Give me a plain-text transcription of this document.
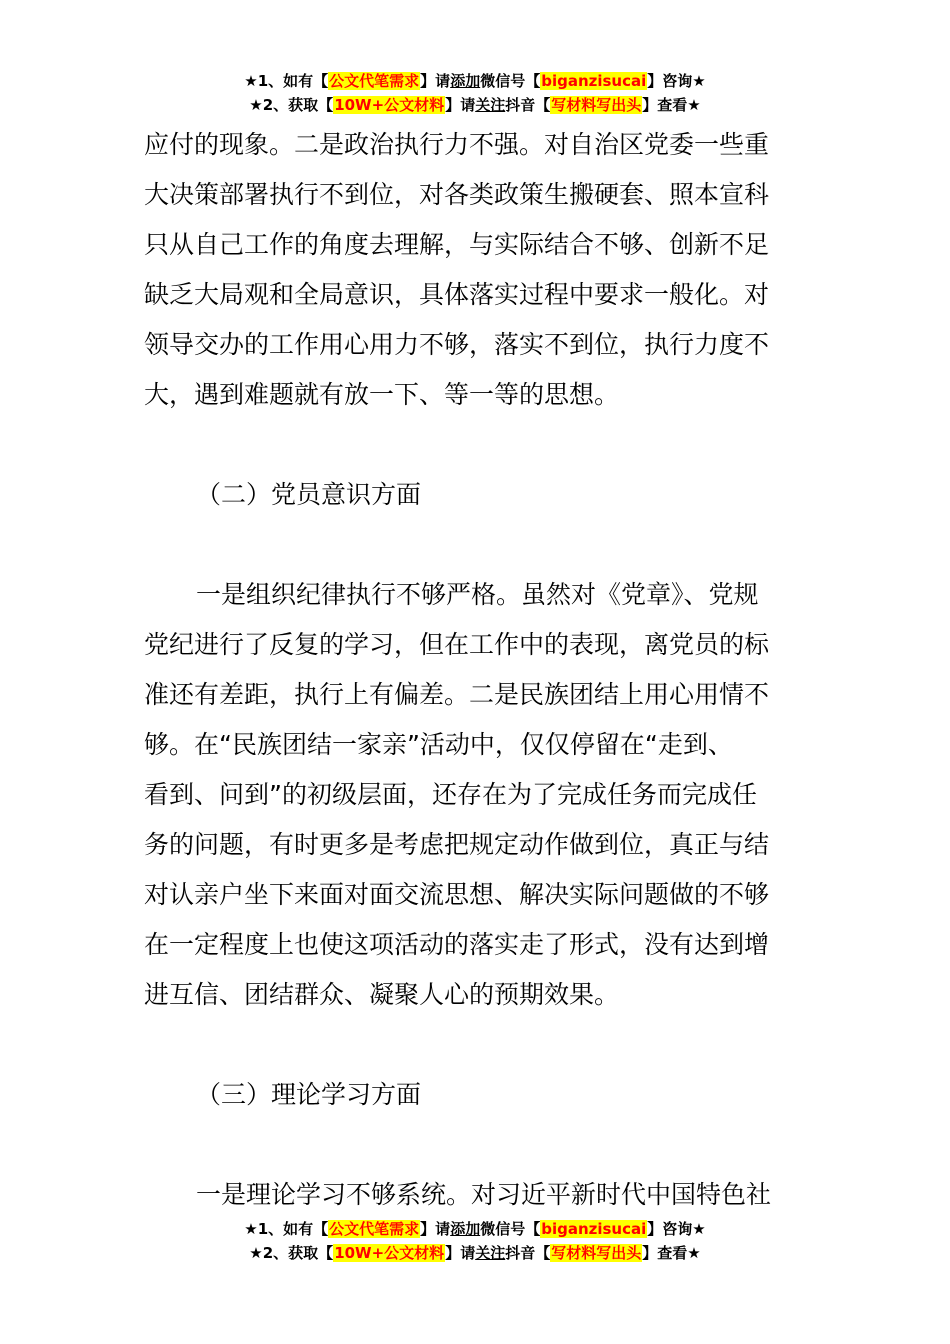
★1、如有【公文代笔需求】请添加微信号【biganzisucai】咨询★
★2、获取【10W+公文材料】请关注抖音【写材料写出头】查看★
应付的现象。二是政治执行力不强。对自治区党委一些重
大决策部署执行不到位，对各类政策生搬硬套、照本宣科
只从自己工作的角度去理解，与实际结合不够、创新不足
缺乏大局观和全局意识，具体落实过程中要求一般化。对
领导交办的工作用心用力不够，落实不到位，执行力度不
大，遇到难题就有放一下、等一等的思想。
（二）党员意识方面
一是组织纪律执行不够严格。虽然对《党章》、党规
党纪进行了反复的学习，但在工作中的表现，离党员的标
准还有差距，执行上有偏差。二是民族团结上用心用情不
够。在“民族团结一家亲”活动中，仅仅停留在“走到、
看到、问到”的初级层面，还存在为了完成任务而完成任
务的问题，有时更多是考虑把规定动作做到位，真正与结
对认亲户坐下来面对面交流思想、解决实际问题做的不够
在一定程度上也使这项活动的落实走了形式，没有达到增
进互信、团结群众、凝聚人心的预期效果。
（三）理论学习方面
一是理论学习不够系统。对习近平新时代中国特色社
★1、如有【公文代笔需求】请添加微信号【biganzisucai】咨询★
★2、获取【10W+公文材料】请关注抖音【写材料写出头】查看★
